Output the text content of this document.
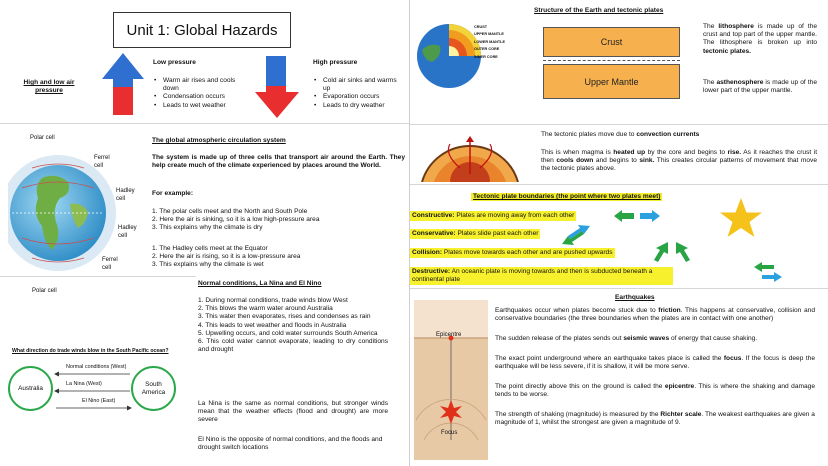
Unit 1: Global Hazards
High and low air pressure
Low pressure
• Warm air rises and cools down
• Condensation occurs
• Leads to wet weather
High pressure
• Cold air sinks and warms up
• Evaporation occurs
• Leads to dry weather
Polar cell
Ferrel cell
Hadley cell
Hadley cell
Ferrel cell
Polar cell
The global atmospheric circulation system
The system is made up of three cells that transport air around the Earth. They help create much of the climate experienced by places around the World.
For example:
1. The polar cells meet and the North and South Pole
2. Here the air is sinking, so it is a low high-pressure area
3. This explains why the climate is dry
1. The Hadley cells meet at the Equator
2. Here the air is rising, so it is a low-pressure area
3. This explains why the climate is wet
What direction do trade winds blow in the South Pacific ocean?
Australia
South America
Normal conditions (West)
La Nina (West)
El Nino (East)
Normal conditions, La Nina and El Nino
1. During normal conditions, trade winds blow West
2. This blows the warm water around Australia
3. This water then evaporates, rises and condenses as rain
4. This leads to wet weather and floods in Australia
5. Upwelling occurs, and cold water surrounds South America
6. This cold water cannot evaporate, leading to dry conditions and drought
La Nina is the same as normal conditions, but stronger winds mean that the weather effects (flood and drought) are more severe
El Nino is the opposite of normal conditions, and the floods and drought switch locations
Structure of the Earth and tectonic plates
CRUST
UPPER MANTLE
LOWER MANTLE
OUTER CORE
INNER CORE
Crust
Upper Mantle
The lithosphere is made up of the crust and top part of the upper mantle. The lithosphere is broken up into tectonic plates.
The asthenosphere is made up of the lower part of the upper mantle.
The tectonic plates move due to convection currents
This is when magma is heated up by the core and begins to rise. As it reaches the crust it then cools down and begins to sink. This creates circular patterns of movement that move the tectonic plates above.
Tectonic plate boundaries (the point where two plates meet)
Constructive: Plates are moving away from each other
Conservative: Plates slide past each other
Collision: Plates move towards each other and are pushed upwards
Destructive: An oceanic plate is moving towards and then is subducted beneath a continental plate
Earthquakes
Epicentre
Focus
Earthquakes occur when plates become stuck due to friction. This happens at conservative, collision and conservative boundaries (the three boundaries when the plates are in contact with one another)
The sudden release of the plates sends out seismic waves of energy that cause shaking.
The exact point underground where an earthquake takes place is called the focus. If the focus is deep the earthquake will be less severe, if it is shallow, it will be more serve.
The point directly above this on the ground is called the epicentre. This is where the shaking and damage tends to be worse.
The strength of shaking (magnitude) is measured by the Richter scale. The weakest earthquakes are given a magnitude of 1, whilst the strongest are given a magnitude of 9.
